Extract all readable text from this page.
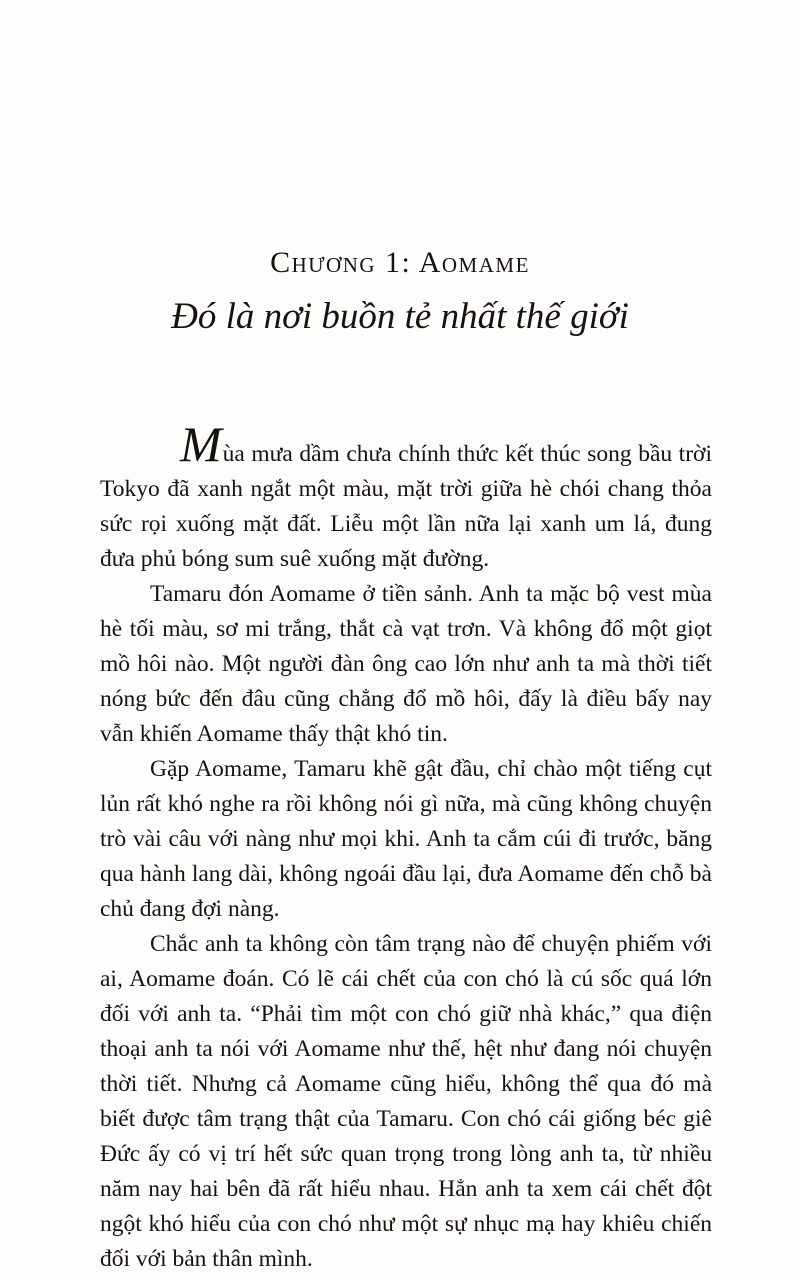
Chương 1: Aomame
Đó là nơi buồn tẻ nhất thế giới

Mùa mưa dầm chưa chính thức kết thúc song bầu trời Tokyo đã xanh ngắt một màu, mặt trời giữa hè chói chang thỏa sức rọi xuống mặt đất. Liễu một lần nữa lại xanh um lá, đung đưa phủ bóng sum suê xuống mặt đường.

Tamaru đón Aomame ở tiền sảnh. Anh ta mặc bộ vest mùa hè tối màu, sơ mi trắng, thắt cà vạt trơn. Và không đổ một giọt mồ hôi nào. Một người đàn ông cao lớn như anh ta mà thời tiết nóng bức đến đâu cũng chẳng đổ mồ hôi, đấy là điều bấy nay vẫn khiến Aomame thấy thật khó tin.

Gặp Aomame, Tamaru khẽ gật đầu, chỉ chào một tiếng cụt lủn rất khó nghe ra rồi không nói gì nữa, mà cũng không chuyện trò vài câu với nàng như mọi khi. Anh ta cắm cúi đi trước, băng qua hành lang dài, không ngoái đầu lại, đưa Aomame đến chỗ bà chủ đang đợi nàng.

Chắc anh ta không còn tâm trạng nào để chuyện phiếm với ai, Aomame đoán. Có lẽ cái chết của con chó là cú sốc quá lớn đối với anh ta. “Phải tìm một con chó giữ nhà khác,” qua điện thoại anh ta nói với Aomame như thế, hệt như đang nói chuyện thời tiết. Nhưng cả Aomame cũng hiểu, không thể qua đó mà biết được tâm trạng thật của Tamaru. Con chó cái giống béc giê Đức ấy có vị trí hết sức quan trọng trong lòng anh ta, từ nhiều năm nay hai bên đã rất hiểu nhau. Hẳn anh ta xem cái chết đột ngột khó hiểu của con chó như một sự nhục mạ hay khiêu chiến đối với bản thân mình.
